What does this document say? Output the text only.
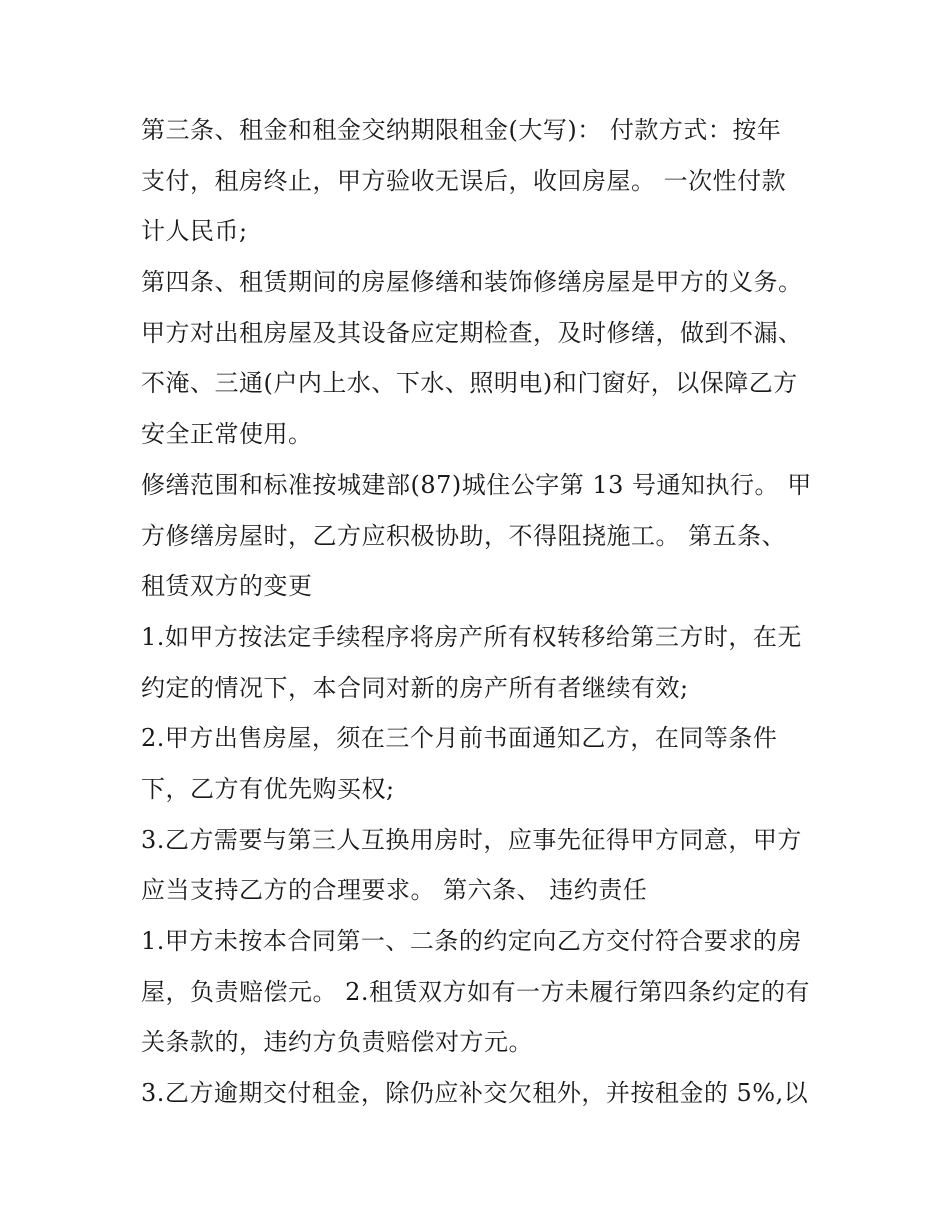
第三条、租金和租金交纳期限租金(大写)： 付款方式：按年
支付，租房终止，甲方验收无误后，收回房屋。 一次性付款
计人民币;
第四条、租赁期间的房屋修缮和装饰修缮房屋是甲方的义务。
甲方对出租房屋及其设备应定期检查，及时修缮，做到不漏、
不淹、三通(户内上水、下水、照明电)和门窗好，以保障乙方
安全正常使用。
修缮范围和标准按城建部(87)城住公字第 13 号通知执行。 甲
方修缮房屋时，乙方应积极协助，不得阻挠施工。 第五条、
租赁双方的变更
1.如甲方按法定手续程序将房产所有权转移给第三方时，在无
约定的情况下，本合同对新的房产所有者继续有效;
2.甲方出售房屋，须在三个月前书面通知乙方，在同等条件
下，乙方有优先购买权;
3.乙方需要与第三人互换用房时，应事先征得甲方同意，甲方
应当支持乙方的合理要求。 第六条、 违约责任
1.甲方未按本合同第一、二条的约定向乙方交付符合要求的房
屋，负责赔偿元。 2.租赁双方如有一方未履行第四条约定的有
关条款的，违约方负责赔偿对方元。
3.乙方逾期交付租金，除仍应补交欠租外，并按租金的 5%,以
